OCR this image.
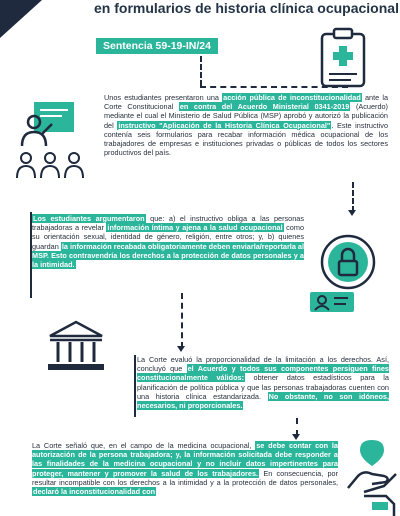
en formularios de historia clínica ocupacional
Sentencia 59-19-IN/24
Unos estudiantes presentaron una acción pública de inconstitucionalidad ante la Corte Constitucional en contra del Acuerdo Ministerial 0341-2019 (Acuerdo) mediante el cual el Ministerio de Salud Pública (MSP) aprobó y autorizó la publicación del instructivo "Aplicación de la Historia Clínica Ocupacional". Este instructivo contenía seis formularios para recabar información médica ocupacional de los trabajadores de empresas e instituciones privadas o públicas de todos los sectores productivos del país.
Los estudiantes argumentaron que: a) el instructivo obliga a las personas trabajadoras a revelar información íntima y ajena a la salud ocupacional como su orientación sexual, identidad de género, religión, entre otros; y, b) quienes guardan la información recabada obligatoriamente deben enviarla/reportarla al MSP. Esto contravendría los derechos a la protección de datos personales y a la intimidad.
La Corte evaluó la proporcionalidad de la limitación a los derechos. Así, concluyó que el Acuerdo y todos sus componentes persiguen fines constitucionalmente válidos: obtener datos estadísticos para la planificación de política pública y que las personas trabajadoras cuenten con una historia clínica estandarizada. No obstante, no son idóneos, necesarios, ni proporcionales.
La Corte señaló que, en el campo de la medicina ocupacional, se debe contar con la autorización de la persona trabajadora; y, la información solicitada debe responder a las finalidades de la medicina ocupacional y no incluir datos impertinentes para proteger, mantener y promover la salud de los trabajadores. En consecuencia, por resultar incompatible con los derechos a la intimidad y a la protección de datos personales, declaró la inconstitucionalidad con
